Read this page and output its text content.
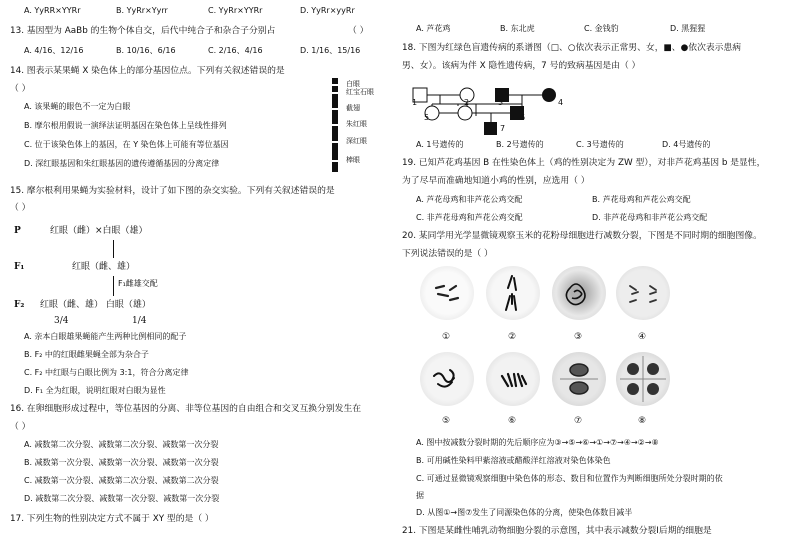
A. YyRR×YYRr	B. YyRr×Yyrr	C. YyRr×YYRr	D. YyRr×yyRr
13. 基因型为 AaBb 的生物个体自交，后代中纯合子和杂合子分别占	（ ）
A. 4/16、12/16	B. 10/16、6/16	C. 2/16、4/16	D. 1/16、15/16
14. 图表示某果蝇 X 染色体上的部分基因位点。下列有关叙述错误的是
（ ）
A. 该果蝇的眼色不一定为白眼
B. 摩尔根用假说一演绎法证明基因在染色体上呈线性排列
C. 位于该染色体上的基因，在 Y 染色体上可能有等位基因
D. 深红眼基因和朱红眼基因的遗传遵循基因的分离定律
白眼
红宝石眼
截翅
朱红眼
深红眼
棒眼
15. 摩尔根利用果蝇为实验材料，设计了如下图的杂交实验。下列有关叙述错误的是
（ ）
P	红眼（雌）×白眼（雄）
F₁	红眼（雌、雄）
F₁雌雄交配
F₂ 红眼（雌、雄） 白眼（雄）
3/4	1/4
A. 亲本白眼雄果蝇能产生两种比例相同的配子
B. F₂ 中的红眼雌果蝇全部为杂合子
C. F₂ 中红眼与白眼比例为 3:1，符合分离定律
D. F₁ 全为红眼，说明红眼对白眼为显性
16. 在卵细胞形成过程中，等位基因的分离、非等位基因的自由组合和交叉互换分别发生在
（ ）
A. 减数第二次分裂、减数第二次分裂、减数第一次分裂
B. 减数第一次分裂、减数第一次分裂、减数第一次分裂
C. 减数第一次分裂、减数第二次分裂、减数第二次分裂
D. 减数第二次分裂、减数第一次分裂、减数第一次分裂
17. 下列生物的性别决定方式不属于 XY 型的是（ ）
A. 芦花鸡	B. 东北虎	C. 金钱豹	D. 黑猩猩
18. 下图为红绿色盲遗传病的系谱图（□、○依次表示正常男、女，■、●依次表示患病
男、女）。该病为伴 X 隐性遗传病，7 号的致病基因是由（ ）
1	2	3	4
5	6
7
A. 1号遗传的	B. 2号遗传的	C. 3号遗传的	D. 4号遗传的
19. 已知芦花鸡基因 B 在性染色体上（鸡的性别决定为 ZW 型），对非芦花鸡基因 b 是显性，
为了尽早而准确地知道小鸡的性别，应选用（ ）
A. 芦花母鸡和非芦花公鸡交配	B. 芦花母鸡和芦花公鸡交配
C. 非芦花母鸡和芦花公鸡交配	D. 非芦花母鸡和非芦花公鸡交配
20. 某同学用光学显微镜观察玉米的花粉母细胞进行减数分裂，下图是不同时期的细胞图像。
下列说法错误的是（ ）
①	②	③	④
⑤	⑥	⑦	⑧
A. 图中按减数分裂时期的先后顺序应为③→⑤→⑥→①→⑦→④→②→⑧
B. 可用碱性染料甲紫溶液或醋酸洋红溶液对染色体染色
C. 可通过显微镜观察细胞中染色体的形态、数目和位置作为判断细胞所处分裂时期的依
据
D. 从图①→图⑦发生了同源染色体的分离，使染色体数目减半
21. 下图是某雌性哺乳动物细胞分裂的示意图，其中表示减数分裂Ⅰ后期的细胞是
